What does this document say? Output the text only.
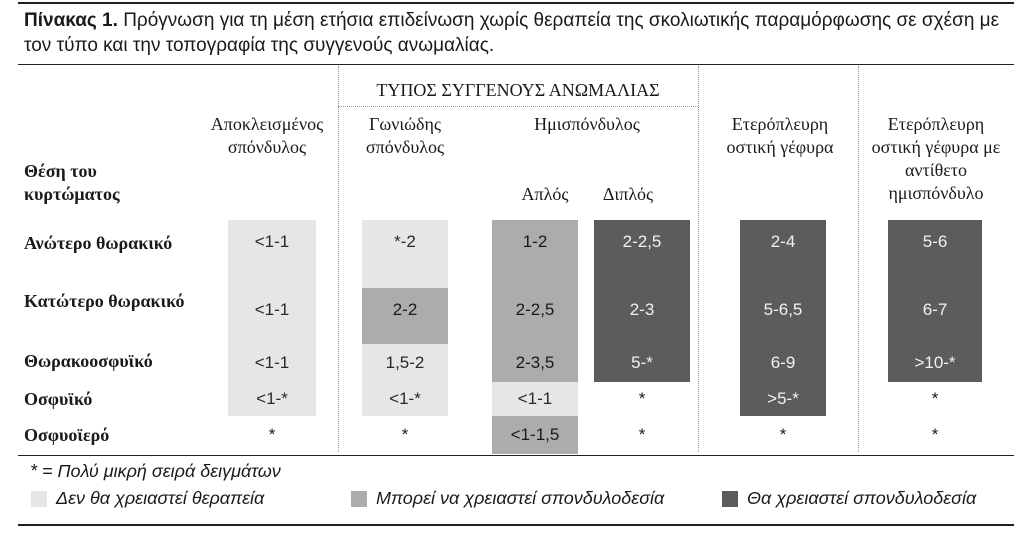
Πίνακας 1. Πρόγνωση για τη μέση ετήσια επιδείνωση χωρίς θεραπεία της σκολιωτικής παραμόρφωσης σε σχέση με τον τύπο και την τοπογραφία της συγγενούς ανωμαλίας.
ΤΥΠΟΣ ΣΥΓΓΕΝΟΥΣ ΑΝΩΜΑΛΙΑΣ
Αποκλεισμένος σπόνδυλος
Γωνιώδης σπόνδυλος
Ημισπόνδυλος
Απλός	Διπλός
Ετερόπλευρη οστική γέφυρα
Ετερόπλευρη οστική γέφυρα με αντίθετο ημισπόνδυλο
Θέση του κυρτώματος
Ανώτερο θωρακικό	<1-1	*-2	1-2	2-2,5	2-4	5-6
Κατώτερο θωρακικό	<1-1	2-2	2-2,5	2-3	5-6,5	6-7
Θωρακοοσφυϊκό	<1-1	1,5-2	2-3,5	5-*	6-9	>10-*
Οσφυϊκό	<1-*	<1-*	<1-1	*	>5-*	*
Οσφυοϊερό	*	*	<1-1,5	*	*	*
* = Πολύ μικρή σειρά δειγμάτων
Δεν θα χρειαστεί θεραπεία	Μπορεί να χρειαστεί σπονδυλοδεσία	Θα χρειαστεί σπονδυλοδεσία
